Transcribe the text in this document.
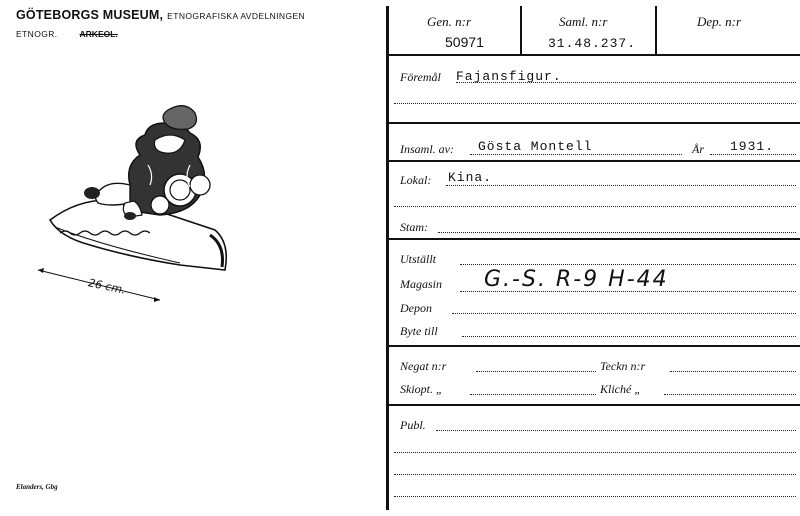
GÖTEBORGS MUSEUM, ETNOGRAFISKA AVDELNINGEN
ETNOGR.	ARKEOL.
26 cm.
Elanders, Gbg
Gen. n:r
50971
Saml. n:r
31.48.237.
Dep. n:r
Föremål Fajansfigur.
Insaml. av: Gösta Montell	År 1931.
Lokal: Kina.
Stam:
Utställt
Magasin G.-S. R-9 H-44
Depon
Byte till
Negat n:r	Teckn n:r
Skiopt. „	Kliché „
Publ.
